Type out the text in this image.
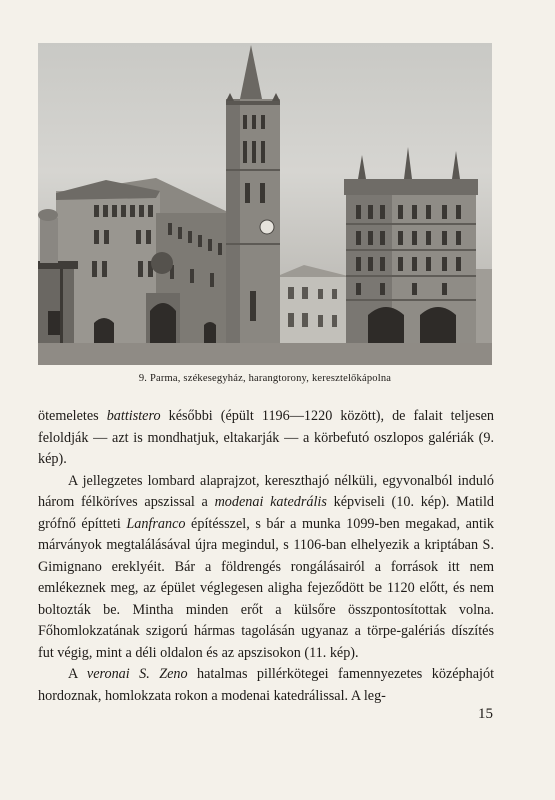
9. Parma, székesegyház, harangtorony, keresztelőkápolna

ötemeletes battistero későbbi (épült 1196—1220 között), de falait teljesen feloldják — azt is mondhatjuk, eltakarják — a körbefutó oszlopos galériák (9. kép).

A jellegzetes lombard alaprajzot, kereszthajó nélküli, egyvonalból induló három félköríves apszissal a modenai katedrális képviseli (10. kép). Matild grófnő építteti Lanfranco építésszel, s bár a munka 1099-ben megakad, antik márványok megtalálásával újra megindul, s 1106-ban elhelyezik a kriptában S. Gimignano ereklyéit. Bár a földrengés rongálásairól a források itt nem emlékeznek meg, az épület véglegesen aligha fejeződött be 1120 előtt, és nem boltozták be. Mintha minden erőt a külsőre összpontosítottak volna. Főhomlokzatának szigorú hármas tagolásán ugyanaz a törpe-galériás díszítés fut végig, mint a déli oldalon és az apszisokon (11. kép).

A veronai S. Zeno hatalmas pillérkötegei famennyezetes középhajót hordoznak, homlokzata rokon a modenai katedrálissal. A leg-

15
